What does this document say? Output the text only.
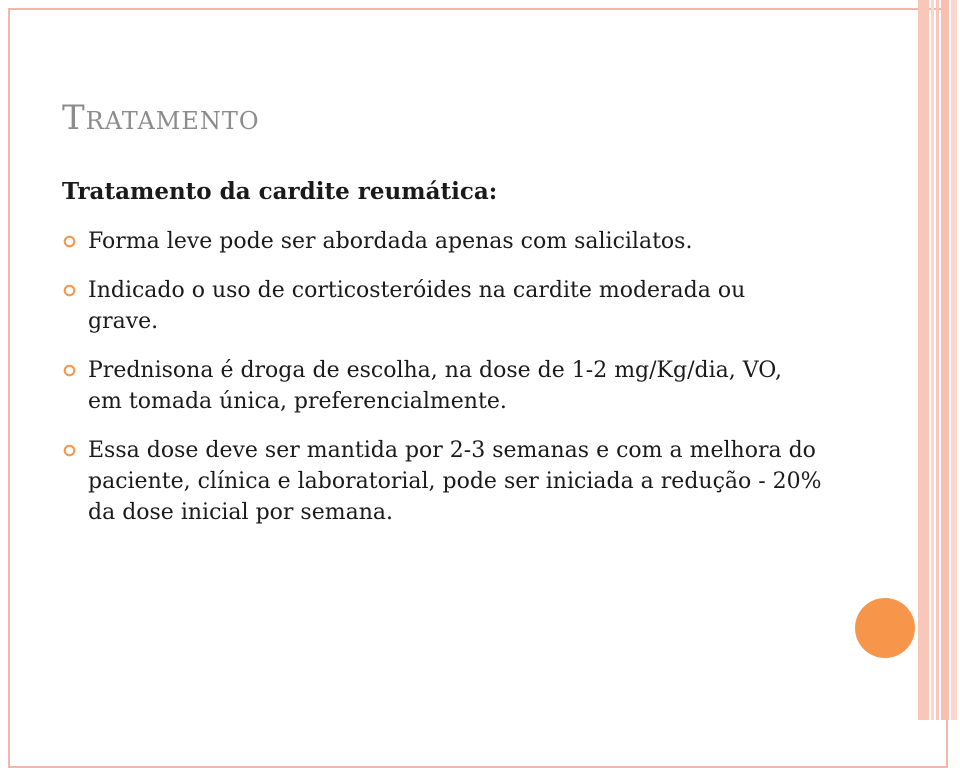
Tratamento

Tratamento da cardite reumática:

Forma leve pode ser abordada apenas com salicilatos.
Indicado o uso de corticosteróides na cardite moderada ou grave.
Prednisona é droga de escolha, na dose de 1-2 mg/Kg/dia, VO, em tomada única, preferencialmente.
Essa dose deve ser mantida por 2-3 semanas e com a melhora do paciente, clínica e laboratorial, pode ser iniciada a redução - 20% da dose inicial por semana.
